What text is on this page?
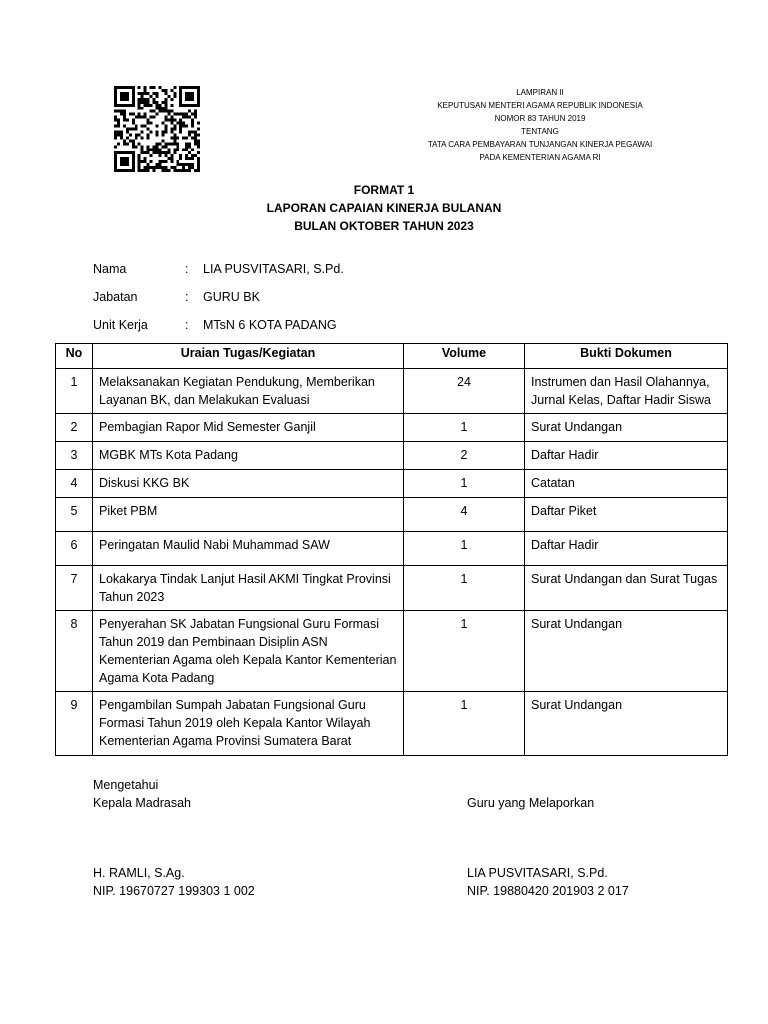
LAMPIRAN II
KEPUTUSAN MENTERI AGAMA REPUBLIK INDONESIA
NOMOR 83 TAHUN 2019
TENTANG
TATA CARA PEMBAYARAN TUNJANGAN KINERJA PEGAWAI
PADA KEMENTERIAN AGAMA RI
FORMAT 1
LAPORAN CAPAIAN KINERJA BULANAN
BULAN OKTOBER TAHUN 2023
Nama	:	LIA PUSVITASARI, S.Pd.
Jabatan	:	GURU BK
Unit Kerja	:	MTsN 6 KOTA PADANG
No	Uraian Tugas/Kegiatan	Volume	Bukti Dokumen
1	Melaksanakan Kegiatan Pendukung, Memberikan Layanan BK, dan Melakukan Evaluasi	24	Instrumen dan Hasil Olahannya, Jurnal Kelas, Daftar Hadir Siswa
2	Pembagian Rapor Mid Semester Ganjil	1	Surat Undangan
3	MGBK MTs Kota Padang	2	Daftar Hadir
4	Diskusi KKG BK	1	Catatan
5	Piket PBM	4	Daftar Piket
6	Peringatan Maulid Nabi Muhammad SAW	1	Daftar Hadir
7	Lokakarya Tindak Lanjut Hasil AKMI Tingkat Provinsi Tahun 2023	1	Surat Undangan dan Surat Tugas
8	Penyerahan SK Jabatan Fungsional Guru Formasi Tahun 2019 dan Pembinaan Disiplin ASN Kementerian Agama oleh Kepala Kantor Kementerian Agama Kota Padang	1	Surat Undangan
9	Pengambilan Sumpah Jabatan Fungsional Guru Formasi Tahun 2019 oleh Kepala Kantor Wilayah Kementerian Agama Provinsi Sumatera Barat	1	Surat Undangan
Mengetahui
Kepala Madrasah	Guru yang Melaporkan
H. RAMLI, S.Ag.
NIP. 19670727 199303 1 002
LIA PUSVITASARI, S.Pd.
NIP. 19880420 201903 2 017
